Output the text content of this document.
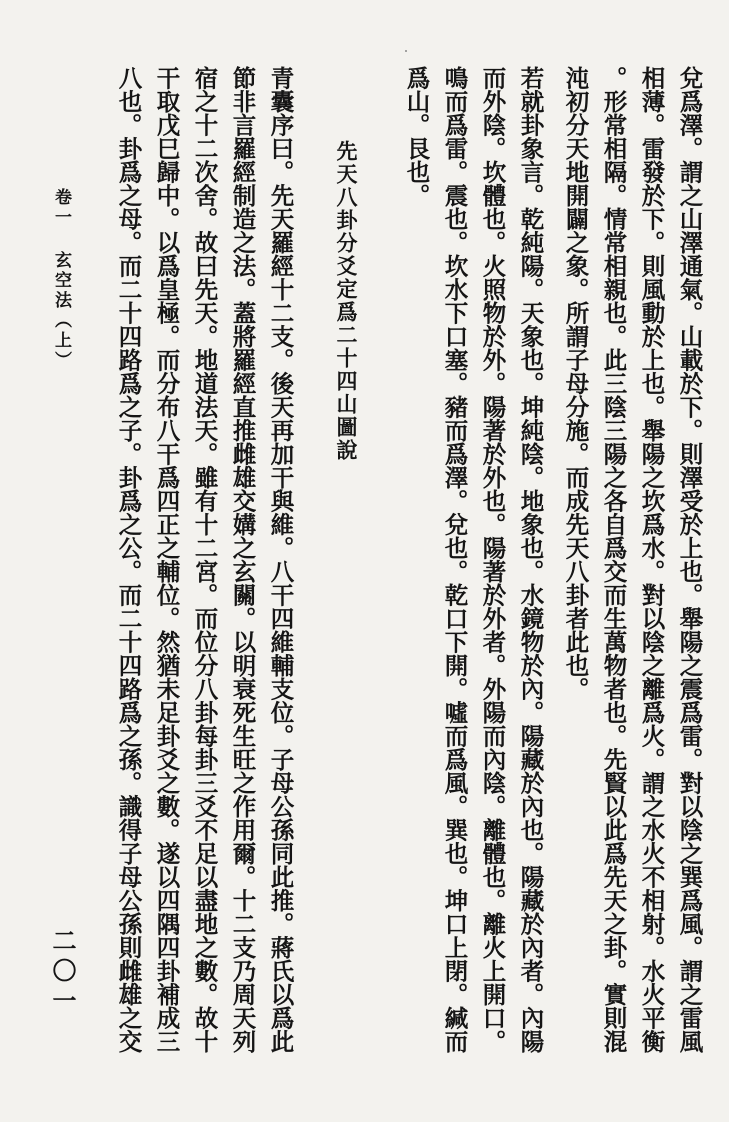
兌爲澤。謂之山澤通氣。山載於下。則澤受於上也。舉陽之震爲雷。對以陰之巽爲風。謂之雷風
相薄。雷發於下。則風動於上也。舉陽之坎爲水。對以陰之離爲火。謂之水火不相射。水火平衡
。形常相隔。情常相親也。此三陰三陽之各自爲交而生萬物者也。先賢以此爲先天之卦。實則混
沌初分天地開闢之象。所謂子母分施。而成先天八卦者此也。
若就卦象言。乾純陽。天象也。坤純陰。地象也。水鏡物於內。陽藏於內也。陽藏於內者。內陽
而外陰。坎體也。火照物於外。陽著於外也。陽著於外者。外陽而內陰。離體也。離火上開口。
鳴而爲雷。震也。坎水下口塞。豬而爲澤。兌也。乾口下開。噓而爲風。巽也。坤口上閉。緘而
爲山。艮也。
先天八卦分爻定爲二十四山圖說
青囊序曰。先天羅經十二支。後天再加干與維。八干四維輔支位。子母公孫同此推。蔣氏以爲此
節非言羅經制造之法。蓋將羅經直推雌雄交媾之玄關。以明衰死生旺之作用爾。十二支乃周天列
宿之十二次舍。故曰先天。地道法天。雖有十二宮。而位分八卦每卦三爻不足以盡地之數。故十
干取戊巳歸中。以爲皇極。而分布八干爲四正之輔位。然猶未足卦爻之數。遂以四隅四卦補成三
八也。卦爲之母。而二十四路爲之子。卦爲之公。而二十四路爲之孫。識得子母公孫則雌雄之交
卷一 玄空法（上）
二〇一
